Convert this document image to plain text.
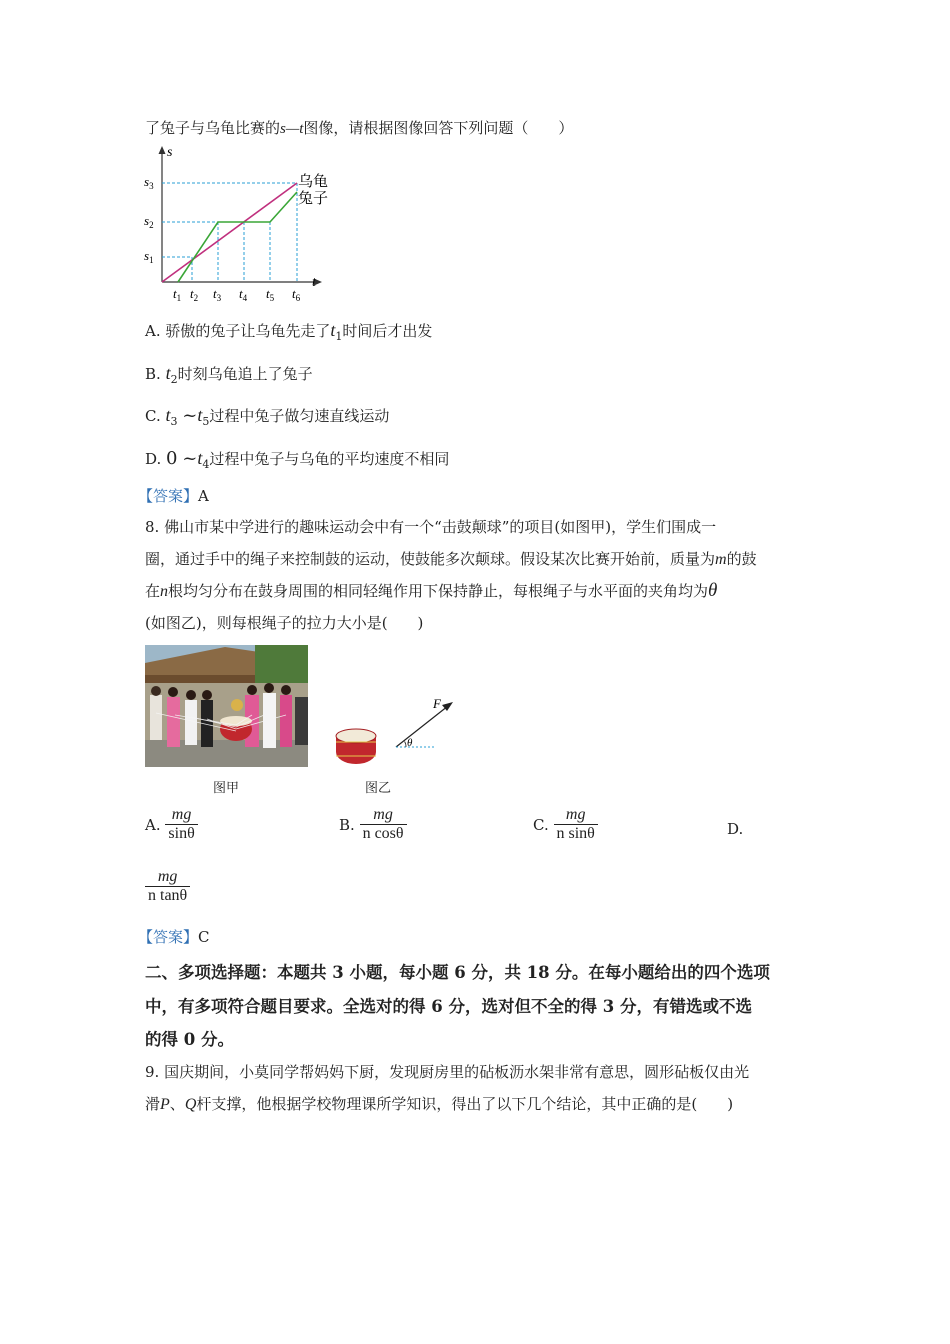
了兔子与乌龟比赛的s—t图像，请根据图像回答下列问题（　　）
s
t
乌龟
兔子
$s_3$
$s_2$
$s_1$
$t_1$ $t_2$ $t_3$ $t_4$ $t_5$ $t_6$
A. 骄傲的兔子让乌龟先走了$t_1$时间后才出发
B. $t_2$时刻乌龟追上了兔子
C. $t_3$ $\sim t_5$过程中兔子做匀速直线运动
D. 0 $\sim t_4$过程中兔子与乌龟的平均速度不相同
【答案】A
8. 佛山市某中学进行的趣味运动会中有一个“击鼓颠球”的项目(如图甲)，学生们围成一
圈，通过手中的绳子来控制鼓的运动，使鼓能多次颠球。假设某次比赛开始前，质量为m的鼓
在n根均匀分布在鼓身周围的相同轻绳作用下保持静止，每根绳子与水平面的夹角均为θ
(如图乙)，则每根绳子的拉力大小是(　　)
图甲
F
θ
图乙
A. $\frac{mg}{\sin\theta}$	B. $\frac{mg}{\text{n cosθ}}$	C. $\frac{mg}{\text{n sinθ}}$	D.
$\frac{mg}{\text{n tanθ}}$
【答案】C
二、多项选择题：本题共 3 小题，每小题 6 分，共 18 分。在每小题给出的四个选项
中，有多项符合题目要求。全选对的得 6 分，选对但不全的得 3 分，有错选或不选
的得 0 分。
9. 国庆期间，小莫同学帮妈妈下厨，发现厨房里的砧板沥水架非常有意思，圆形砧板仅由光
滑P、Q杆支撑，他根据学校物理课所学知识，得出了以下几个结论，其中正确的是(　　)
